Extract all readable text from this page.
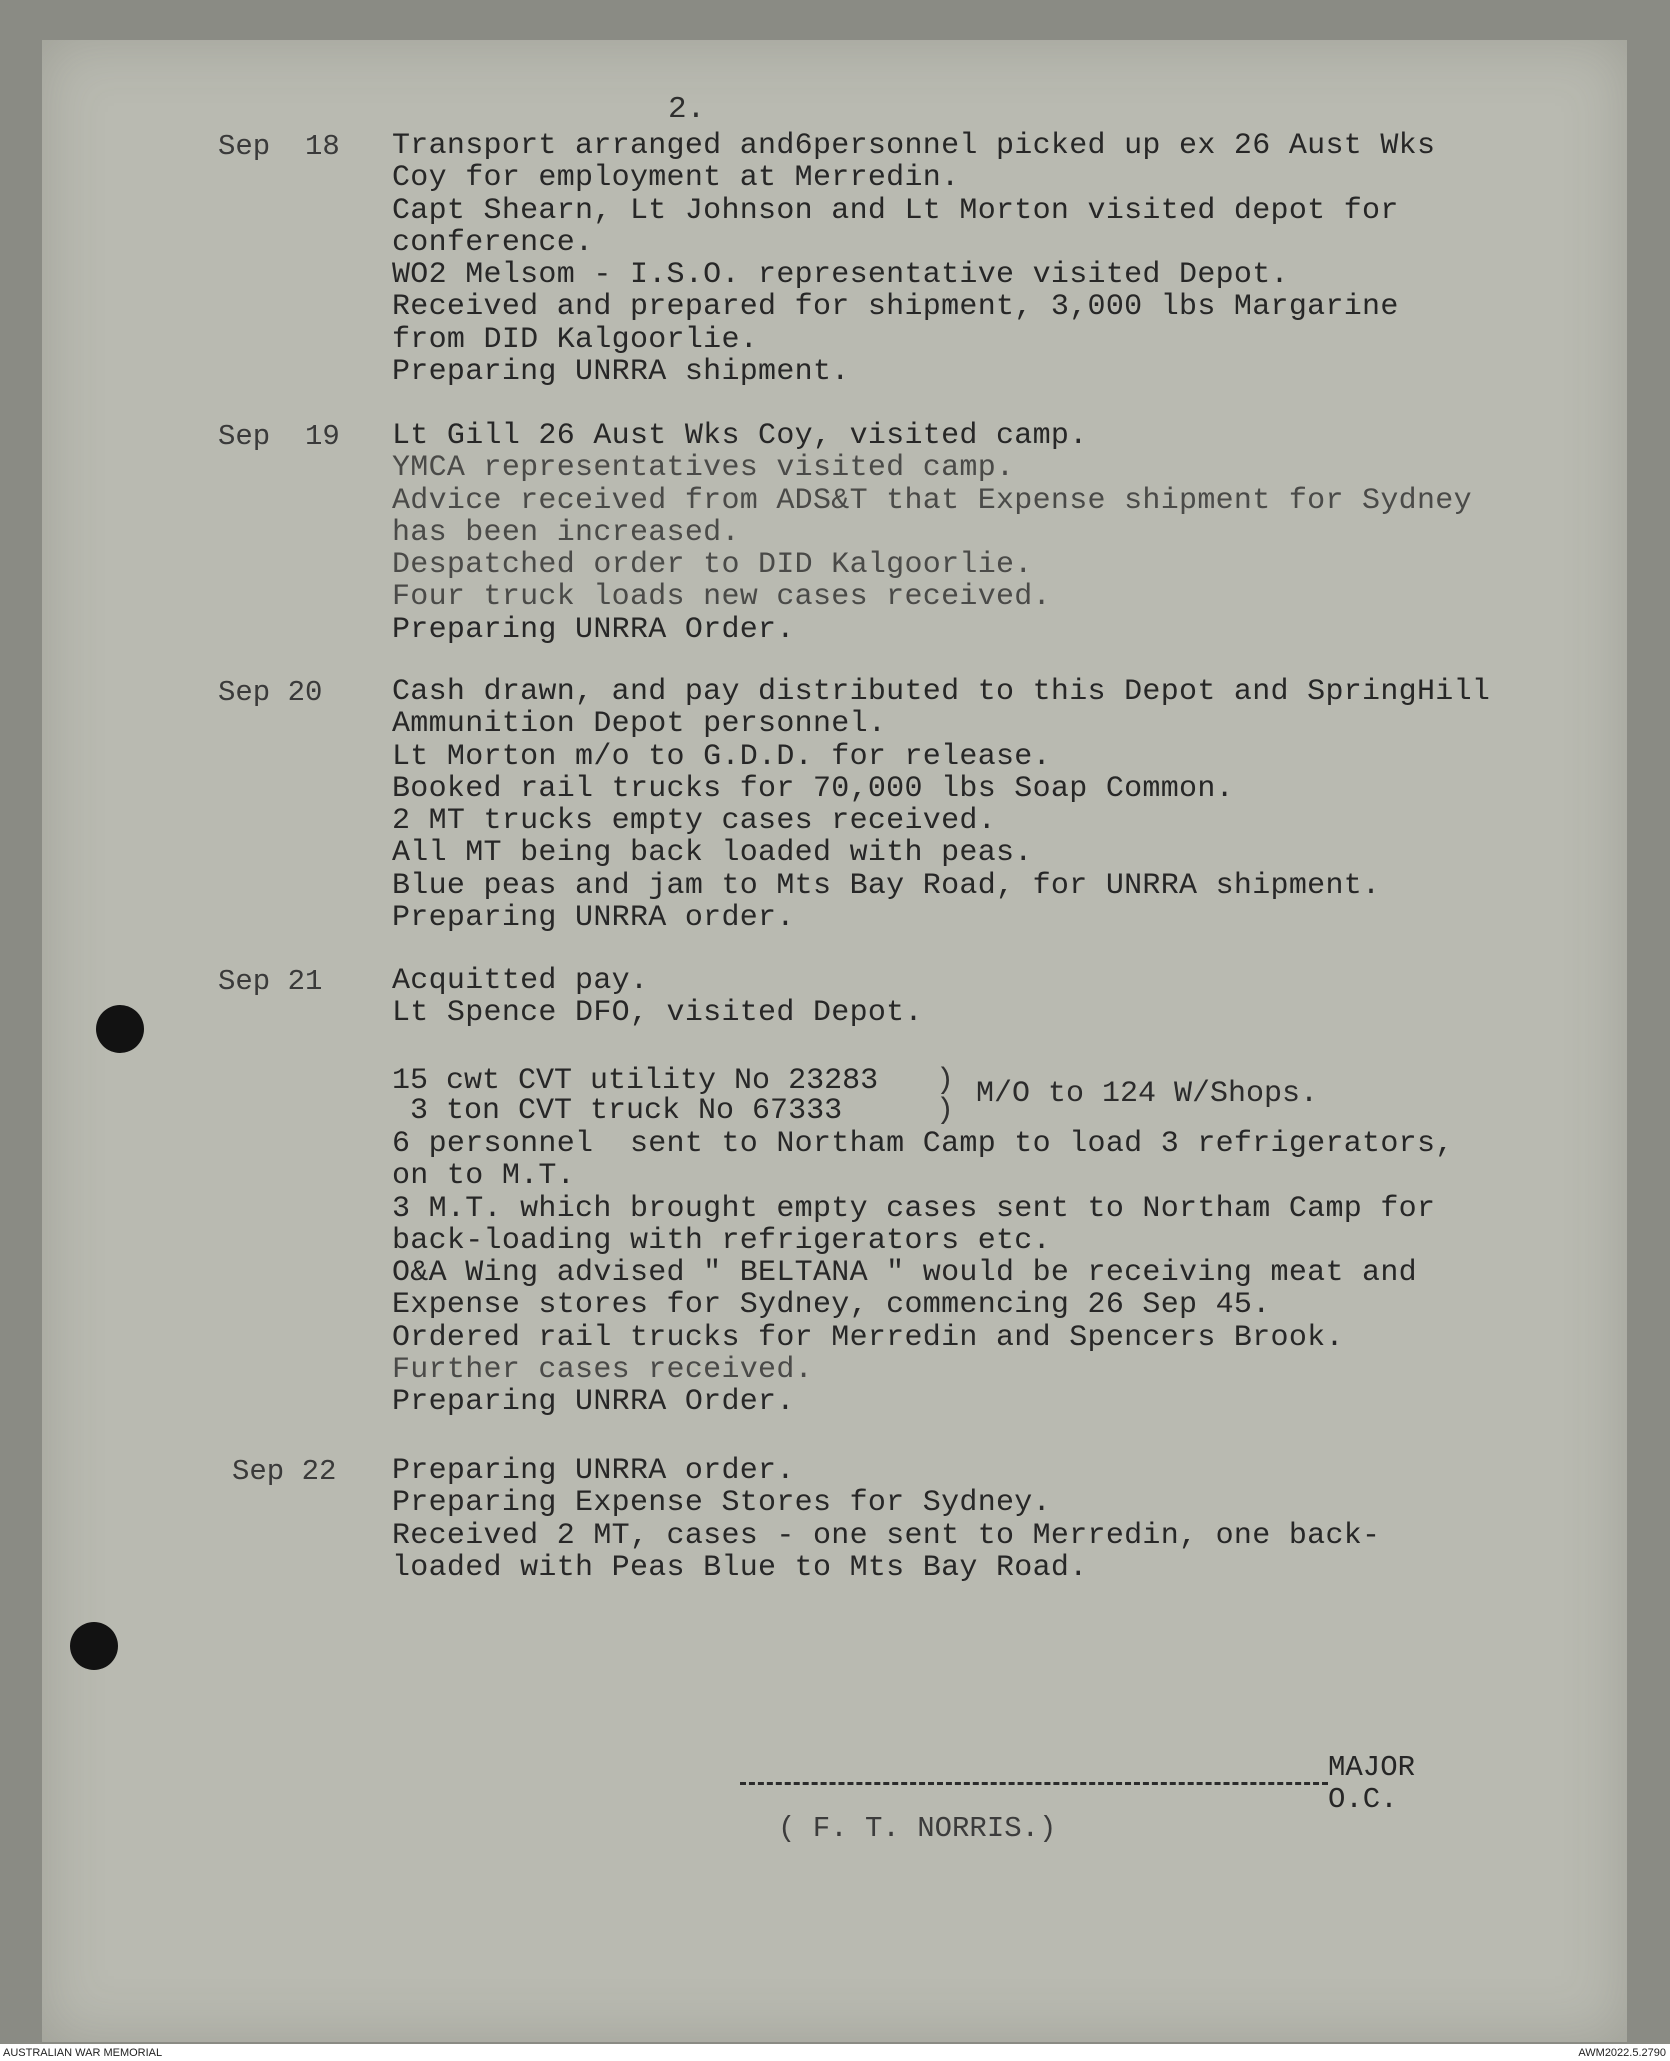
2.
Sep  18 Transport arranged and6personnel picked up ex 26 Aust Wks
Coy for employment at Merredin.
Capt Shearn, Lt Johnson and Lt Morton visited depot for
conference.
WO2 Melsom - I.S.O. representative visited Depot.
Received and prepared for shipment, 3,000 lbs Margarine
from DID Kalgoorlie.
Preparing UNRRA shipment.
Sep  19 Lt Gill 26 Aust Wks Coy, visited camp.
YMCA representatives visited camp.
Advice received from ADS&T that Expense shipment for Sydney
has been increased.
Despatched order to DID Kalgoorlie.
Four truck loads new cases received.
Preparing UNRRA Order.
Sep 20 Cash drawn, and pay distributed to this Depot and SpringHill
Ammunition Depot personnel.
Lt Morton m/o to G.D.D. for release.
Booked rail trucks for 70,000 lbs Soap Common.
2 MT trucks empty cases received.
All MT being back loaded with peas.
Blue peas and jam to Mts Bay Road, for UNRRA shipment.
Preparing UNRRA order.
Sep 21 Acquitted pay.
Lt Spence DFO, visited Depot.
15 cwt CVT utility No 23283
3 ton CVT truck No 67333
)
) M/O to 124 W/Shops.
6 personnel  sent to Northam Camp to load 3 refrigerators,
on to M.T.
3 M.T. which brought empty cases sent to Northam Camp for
back-loading with refrigerators etc.
O&A Wing advised " BELTANA " would be receiving meat and
Expense stores for Sydney, commencing 26 Sep 45.
Ordered rail trucks for Merredin and Spencers Brook.
Further cases received.
Preparing UNRRA Order.
Sep 22 Preparing UNRRA order.
Preparing Expense Stores for Sydney.
Received 2 MT, cases - one sent to Merredin, one back-
loaded with Peas Blue to Mts Bay Road.
MAJOR
O.C.
( F. T. NORRIS.)
AUSTRALIAN WAR MEMORIAL	AWM2022.5.2790
